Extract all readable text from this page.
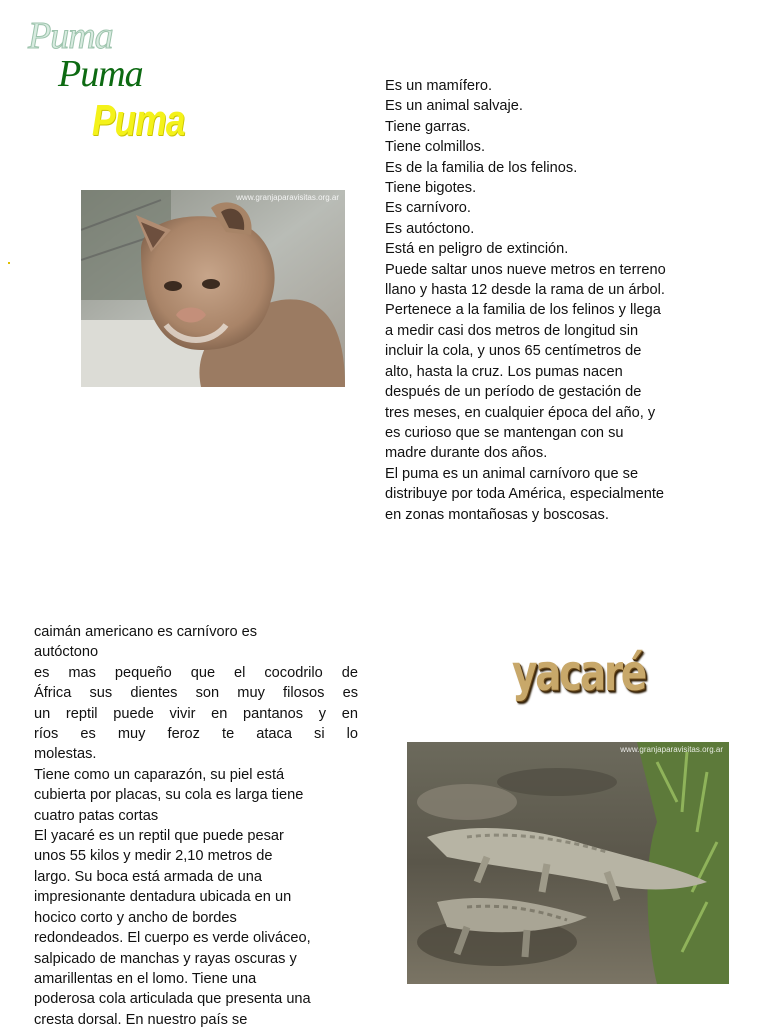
Puma
Puma
Puma
www.granjaparavisitas.org.ar
Es un mamífero.
Es un animal salvaje.
Tiene garras.
Tiene colmillos.
Es de la familia de los felinos.
Tiene bigotes.
Es carnívoro.
Es autóctono.
Está en peligro de extinción.
Puede saltar unos nueve metros en terreno
llano y hasta 12 desde la rama de un árbol.
Pertenece a la familia de los felinos y llega
a medir casi dos metros de longitud sin
incluir la cola, y unos 65 centímetros de
alto, hasta la cruz. Los pumas nacen
después de un período de gestación de
tres meses, en cualquier época del año, y
es curioso que se mantengan con su
madre durante dos años.
El puma es un animal carnívoro que se
distribuye por toda América, especialmente
en zonas montañosas y boscosas.
caimán americano es carnívoro es
autóctono
es mas pequeño que el cocodrilo de
África sus dientes son muy filosos es
un reptil puede vivir en pantanos y en
ríos es muy feroz te ataca si lo
molestas.
Tiene como un caparazón, su piel está
cubierta por placas, su cola es larga tiene
cuatro patas cortas
El yacaré es un reptil que puede pesar
unos 55 kilos y medir 2,10 metros de
largo. Su boca está armada de una
impresionante dentadura ubicada en un
hocico corto y ancho de bordes
redondeados. El cuerpo es verde oliváceo,
salpicado de manchas y rayas oscuras y
amarillentas en el lomo. Tiene una
poderosa cola articulada que presenta una
cresta dorsal. En nuestro país se
yacaré
www.granjaparavisitas.org.ar
